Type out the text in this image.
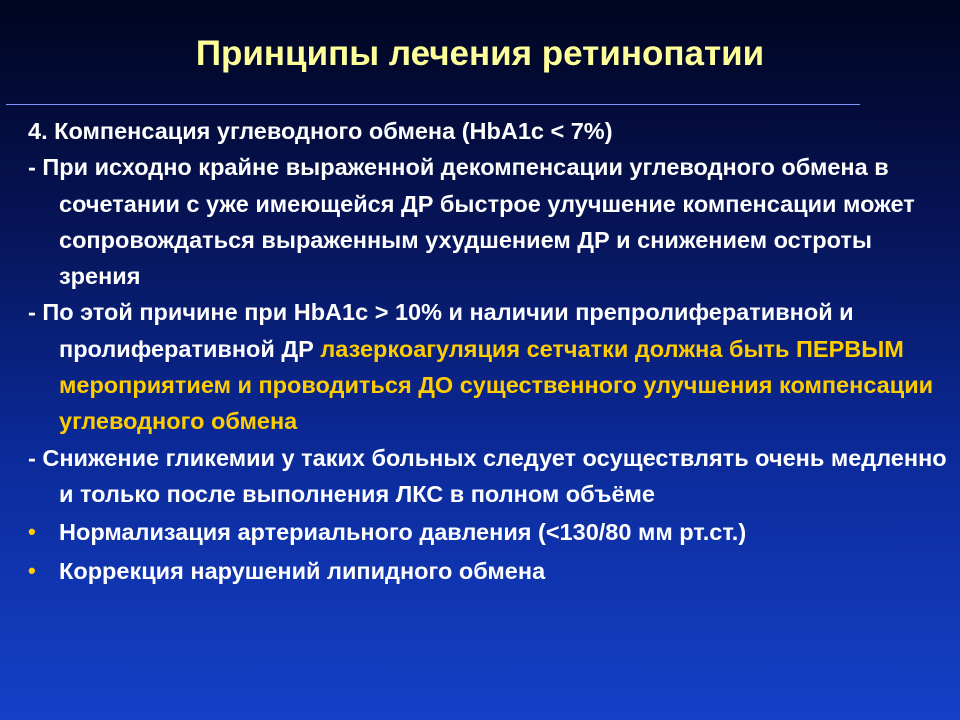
Принципы лечения ретинопатии

4. Компенсация углеводного обмена (HbA1c < 7%)

- При исходно крайне выраженной декомпенсации углеводного обмена в сочетании с уже имеющейся ДР быстрое улучшение компенсации может сопровождаться выраженным ухудшением ДР и снижением остроты зрения

- По этой причине при HbA1c > 10% и наличии препролиферативной и пролиферативной ДР лазеркоагуляция сетчатки должна быть ПЕРВЫМ мероприятием и проводиться ДО существенного улучшения компенсации углеводного обмена

- Снижение гликемии у таких больных следует осуществлять очень медленно и только после выполнения ЛКС в полном объёме

• Нормализация артериального давления (<130/80 мм рт.ст.)
• Коррекция нарушений липидного обмена
